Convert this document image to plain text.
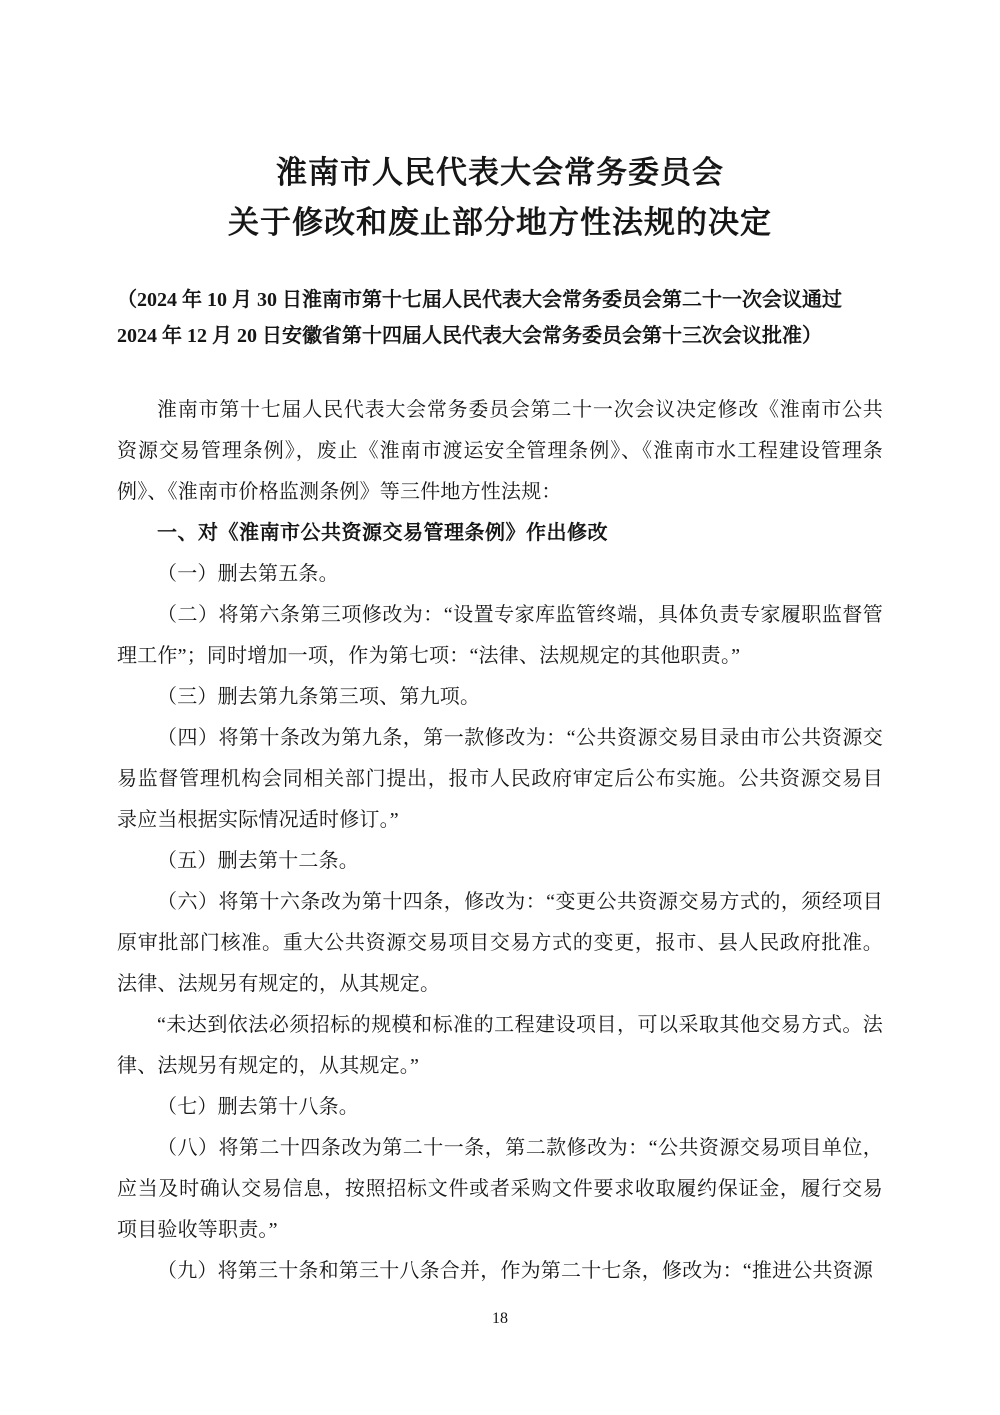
淮南市人民代表大会常务委员会
关于修改和废止部分地方性法规的决定
（2024 年 10 月 30 日淮南市第十七届人民代表大会常务委员会第二十一次会议通过
2024 年 12 月 20 日安徽省第十四届人民代表大会常务委员会第十三次会议批准）

淮南市第十七届人民代表大会常务委员会第二十一次会议决定修改《淮南市公共资源交易管理条例》，废止《淮南市渡运安全管理条例》、《淮南市水工程建设管理条例》、《淮南市价格监测条例》等三件地方性法规：

一、对《淮南市公共资源交易管理条例》作出修改

（一）删去第五条。

（二）将第六条第三项修改为：“设置专家库监管终端，具体负责专家履职监督管理工作”；同时增加一项，作为第七项：“法律、法规规定的其他职责。”

（三）删去第九条第三项、第九项。

（四）将第十条改为第九条，第一款修改为：“公共资源交易目录由市公共资源交易监督管理机构会同相关部门提出，报市人民政府审定后公布实施。公共资源交易目录应当根据实际情况适时修订。”

（五）删去第十二条。

（六）将第十六条改为第十四条，修改为：“变更公共资源交易方式的，须经项目原审批部门核准。重大公共资源交易项目交易方式的变更，报市、县人民政府批准。法律、法规另有规定的，从其规定。

“未达到依法必须招标的规模和标准的工程建设项目，可以采取其他交易方式。法律、法规另有规定的，从其规定。”

（七）删去第十八条。

（八）将第二十四条改为第二十一条，第二款修改为：“公共资源交易项目单位，应当及时确认交易信息，按照招标文件或者采购文件要求收取履约保证金，履行交易项目验收等职责。”

（九）将第三十条和第三十八条合并，作为第二十七条，修改为：“推进公共资源

18
